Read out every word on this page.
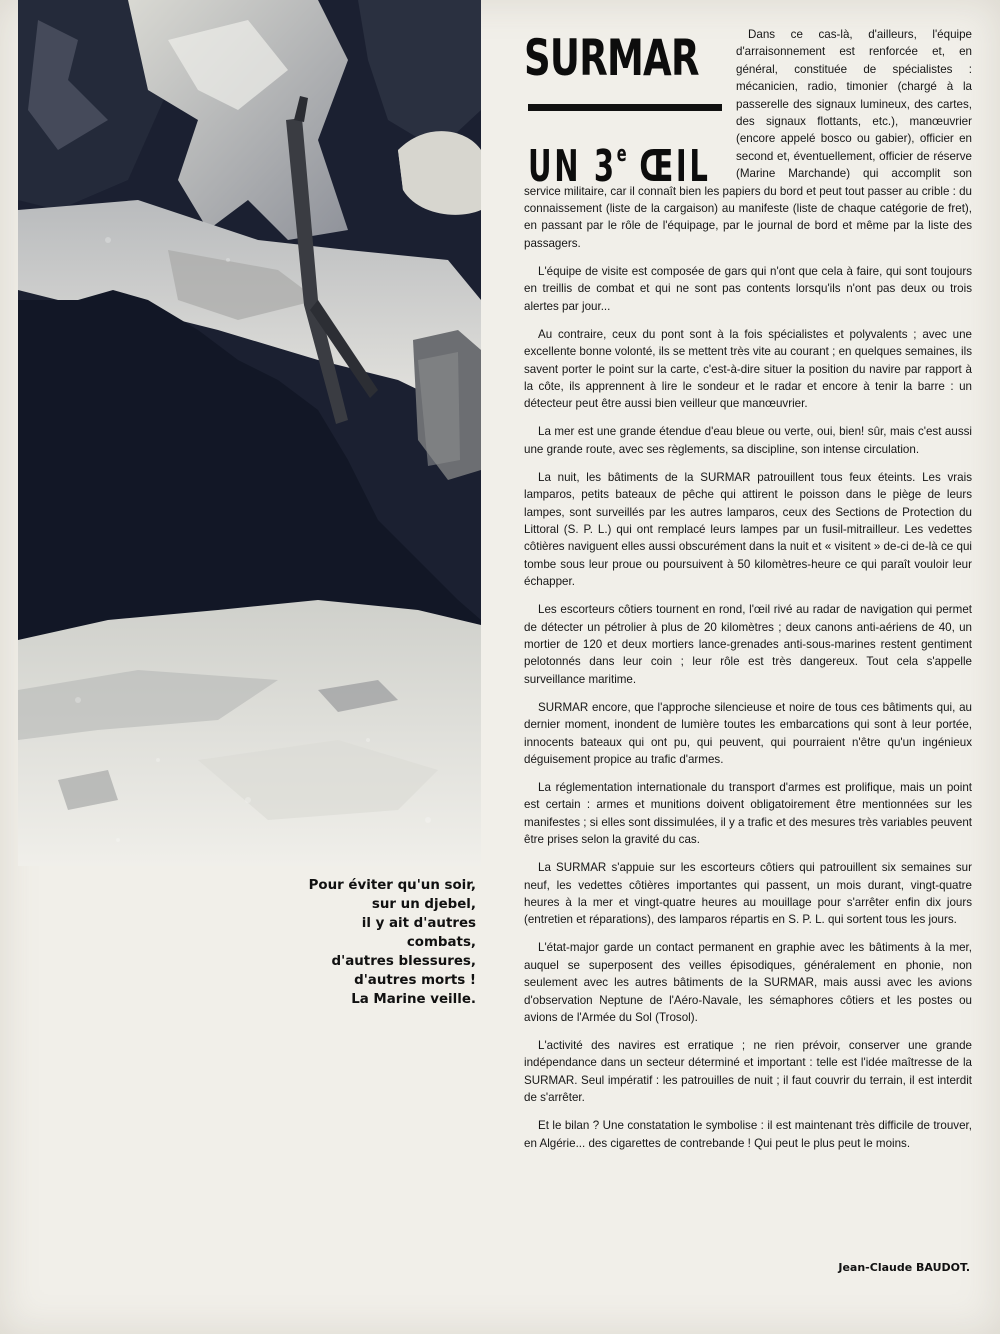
Pour éviter qu'un soir,
sur un djebel,
il y ait d'autres
combats,
d'autres blessures,
d'autres morts !
La Marine veille.
SURMAR
UN 3e ŒIL

Dans ce cas-là, d'ailleurs, l'équipe d'arraisonnement est renforcée et, en général, constituée de spécialistes : mécanicien, radio, timonier (chargé à la passerelle des signaux lumineux, des cartes, des signaux flottants, etc.), manœuvrier (encore appelé bosco ou gabier), officier en second et, éventuellement, officier de réserve (Marine Marchande) qui accomplit son service militaire, car il connaît bien les papiers du bord et peut tout passer au crible : du connaissement (liste de la cargaison) au manifeste (liste de chaque catégorie de fret), en passant par le rôle de l'équipage, par le journal de bord et même par la liste des passagers.

L'équipe de visite est composée de gars qui n'ont que cela à faire, qui sont toujours en treillis de combat et qui ne sont pas contents lorsqu'ils n'ont pas deux ou trois alertes par jour...

Au contraire, ceux du pont sont à la fois spécialistes et polyvalents ; avec une excellente bonne volonté, ils se mettent très vite au courant ; en quelques semaines, ils savent porter le point sur la carte, c'est-à-dire situer la position du navire par rapport à la côte, ils apprennent à lire le sondeur et le radar et encore à tenir la barre : un détecteur peut être aussi bien veilleur que manœuvrier.

La mer est une grande étendue d'eau bleue ou verte, oui, bien! sûr, mais c'est aussi une grande route, avec ses règlements, sa discipline, son intense circulation.

La nuit, les bâtiments de la SURMAR patrouillent tous feux éteints. Les vrais lamparos, petits bateaux de pêche qui attirent le poisson dans le piège de leurs lampes, sont surveillés par les autres lamparos, ceux des Sections de Protection du Littoral (S. P. L.) qui ont remplacé leurs lampes par un fusil-mitrailleur. Les vedettes côtières naviguent elles aussi obscurément dans la nuit et « visitent » de-ci de-là ce qui tombe sous leur proue ou poursuivent à 50 kilomètres-heure ce qui paraît vouloir leur échapper.

Les escorteurs côtiers tournent en rond, l'œil rivé au radar de navigation qui permet de détecter un pétrolier à plus de 20 kilomètres ; deux canons anti-aériens de 40, un mortier de 120 et deux mortiers lance-grenades anti-sous-marines restent gentiment pelotonnés dans leur coin ; leur rôle est très dangereux. Tout cela s'appelle surveillance maritime.

SURMAR encore, que l'approche silencieuse et noire de tous ces bâtiments qui, au dernier moment, inondent de lumière toutes les embarcations qui sont à leur portée, innocents bateaux qui ont pu, qui peuvent, qui pourraient n'être qu'un ingénieux déguisement propice au trafic d'armes.

La réglementation internationale du transport d'armes est prolifique, mais un point est certain : armes et munitions doivent obligatoirement être mentionnées sur les manifestes ; si elles sont dissimulées, il y a trafic et des mesures très variables peuvent être prises selon la gravité du cas.

La SURMAR s'appuie sur les escorteurs côtiers qui patrouillent six semaines sur neuf, les vedettes côtières importantes qui passent, un mois durant, vingt-quatre heures à la mer et vingt-quatre heures au mouillage pour s'arrêter enfin dix jours (entretien et réparations), des lamparos répartis en S. P. L. qui sortent tous les jours.

L'état-major garde un contact permanent en graphie avec les bâtiments à la mer, auquel se superposent des veilles épisodiques, généralement en phonie, non seulement avec les autres bâtiments de la SURMAR, mais aussi avec les avions d'observation Neptune de l'Aéro-Navale, les sémaphores côtiers et les postes ou avions de l'Armée du Sol (Trosol).

L'activité des navires est erratique ; ne rien prévoir, conserver une grande indépendance dans un secteur déterminé et important : telle est l'idée maîtresse de la SURMAR. Seul impératif : les patrouilles de nuit ; il faut couvrir du terrain, il est interdit de s'arrêter.

Et le bilan ? Une constatation le symbolise : il est maintenant très difficile de trouver, en Algérie... des cigarettes de contrebande ! Qui peut le plus peut le moins.

Jean-Claude BAUDOT.
